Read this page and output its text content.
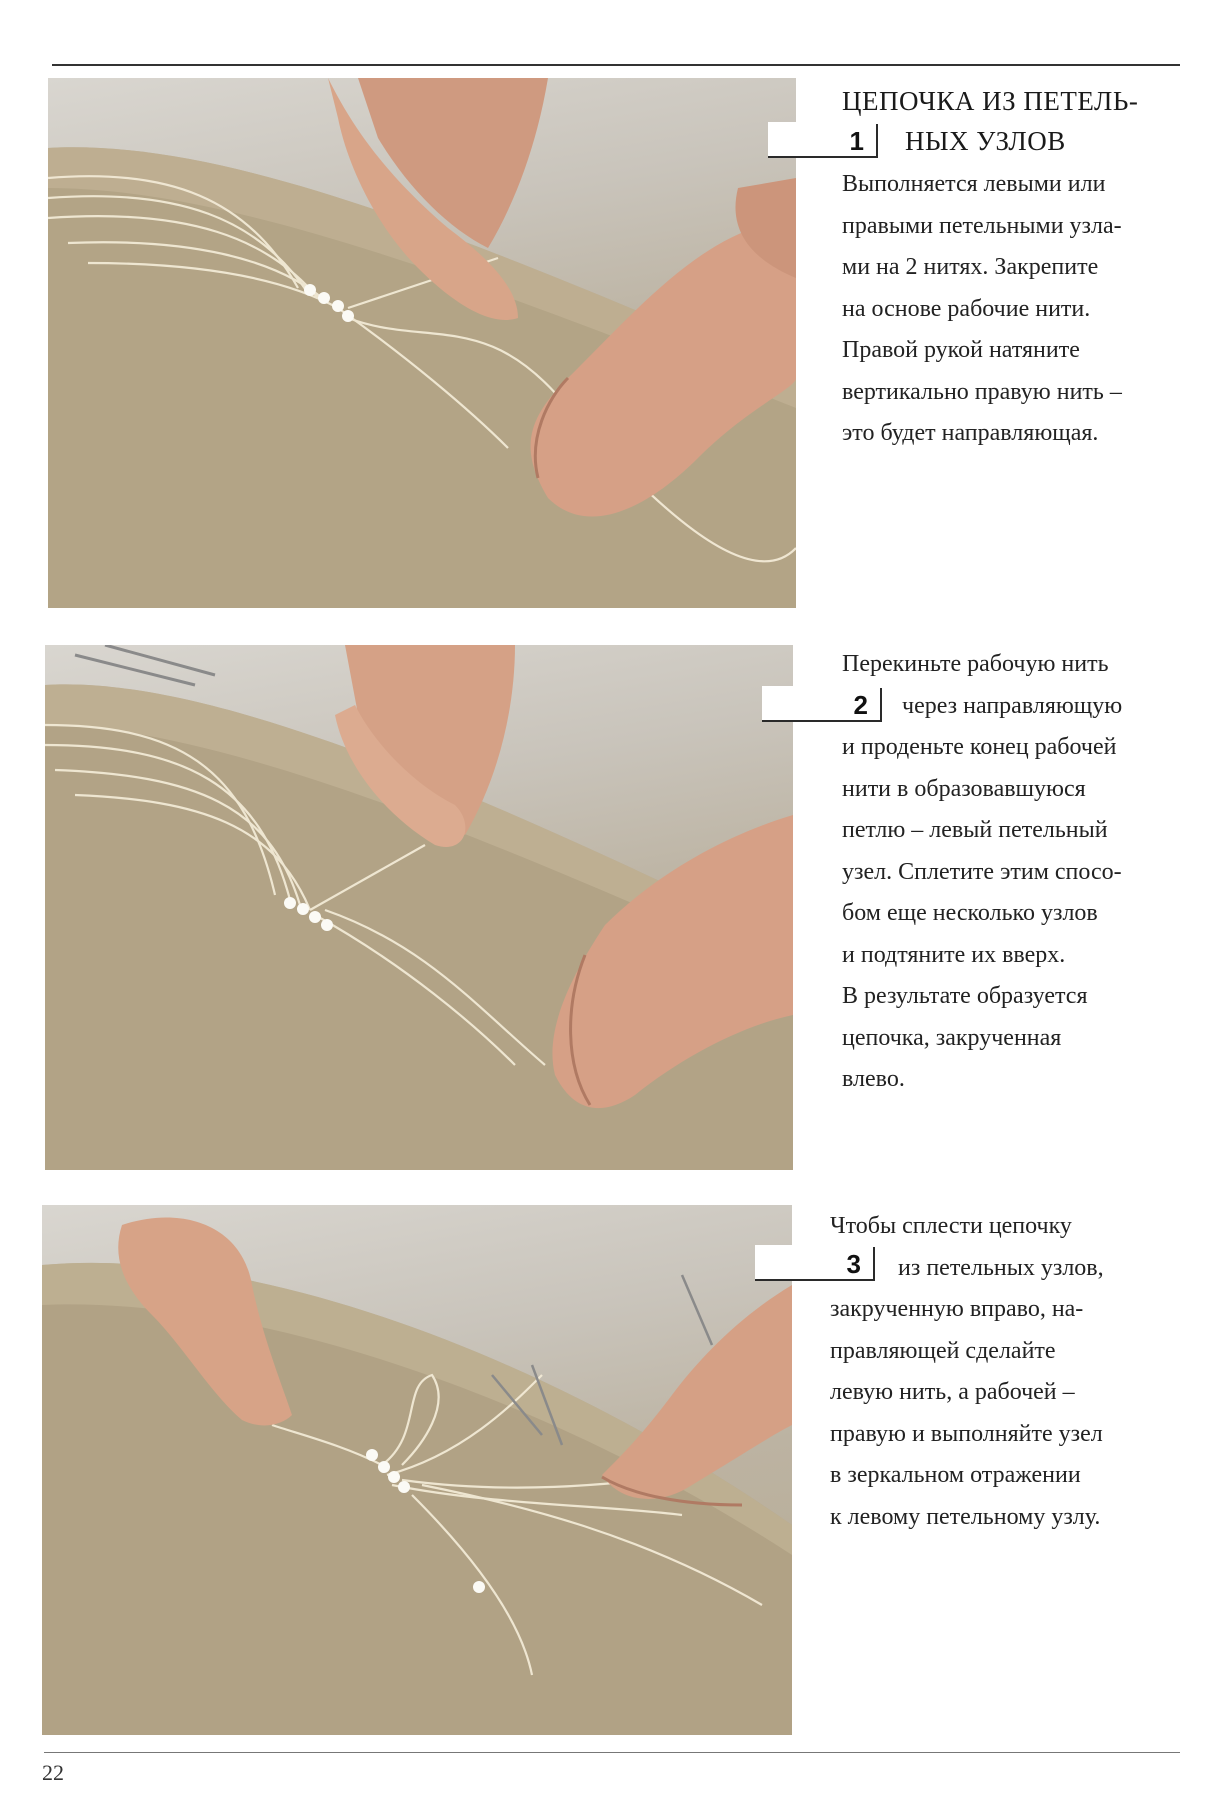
1
ЦЕПОЧКА ИЗ ПЕТЕЛЬ-
НЫХ УЗЛОВ

Выполняется левыми или
правыми петельными узла-
ми на 2 нитях. Закрепите
на основе рабочие нити.
Правой рукой натяните
вертикально правую нить –
это будет направляющая.

2

Перекиньте рабочую нить
через направляющую
и проденьте конец рабочей
нити в образовавшуюся
петлю – левый петельный
узел. Сплетите этим спосо-
бом еще несколько узлов
и подтяните их вверх.
В результате образуется
цепочка, закрученная
влево.

3

Чтобы сплести цепочку
из петельных узлов,
закрученную вправо, на-
правляющей сделайте
левую нить, а рабочей –
правую и выполняйте узел
в зеркальном отражении
к левому петельному узлу.

22
